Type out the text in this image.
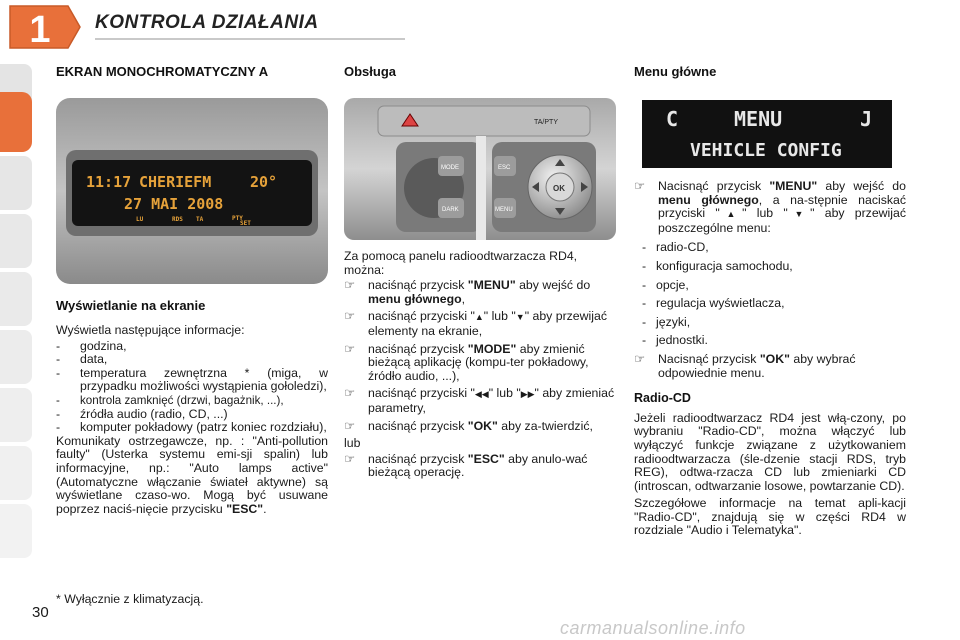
1 KONTROLA DZIAŁANIA
EKRAN MONOCHROMATYCZNY A
11:17 CHERIEFM	20°
27 MAI 2008
LU	RDS TA	PTY
SET
Wyświetlanie na ekranie

Wyświetla następujące informacje:

- godzina,
- data,
- temperatura zewnętrzna * (miga, w przypadku możliwości wystąpienia gołoledzi),
- kontrola zamknięć (drzwi, bagażnik, ...),
- źródła audio (radio, CD, ...)
- komputer pokładowy (patrz koniec rozdziału),

Komunikaty ostrzegawcze, np. : "Anti-pollution faulty" (Usterka systemu emi-sji spalin) lub informacyjne, np.: "Auto lamps active" (Automatyczne włączanie świateł aktywne) są wyświetlane czaso-wo. Mogą być usuwane poprzez naciś-nięcie przycisku "ESC".

* Wyłącznie z klimatyzacją.
30
Obsługa
TA/PTY
MODE
DARK
ESC
MENU
OK

Za pomocą panelu radioodtwarzacza RD4, można:

☞ naciśnąć przycisk "MENU" aby wejść do menu głównego,
☞ naciśnąć przyciski "▲" lub "▼" aby przewijać elementy na ekranie,
☞ naciśnąć przycisk "MODE" aby zmienić bieżącą aplikację (kompu-ter pokładowy, źródło audio, ...),
☞ naciśnąć przyciski "◀◀" lub "▶▶" aby zmieniać parametry,
☞ naciśnąć przycisk "OK" aby za-twierdzić,

lub

☞ naciśnąć przycisk "ESC" aby anulo-wać bieżącą operację.
Menu główne
C	MENU	J
VEHICLE CONFIG
☞ Nacisnąć przycisk "MENU" aby wejść do menu głównego, a na-stępnie naciskać przyciski "▲" lub "▼" aby przewijać poszczególne menu:
- radio-CD,
- konfiguracja samochodu,
- opcje,
- regulacja wyświetlacza,
- języki,
- jednostki.
☞ Nacisnąć przycisk "OK" aby wybrać odpowiednie menu.
Radio-CD

Jeżeli radioodtwarzacz RD4 jest włą-czony, po wybraniu "Radio-CD", można włączyć lub wyłączyć funkcje związane z użytkowaniem radioodtwarzacza (śle-dzenie stacji RDS, tryb REG), odtwa-rzacza CD lub zmieniarki CD (introscan, odtwarzanie losowe, powtarzanie CD).

Szczegółowe informacje na temat apli-kacji "Radio-CD", znajdują się w części RD4 w rozdziale "Audio i Telematyka".

carmanualsonline.info
